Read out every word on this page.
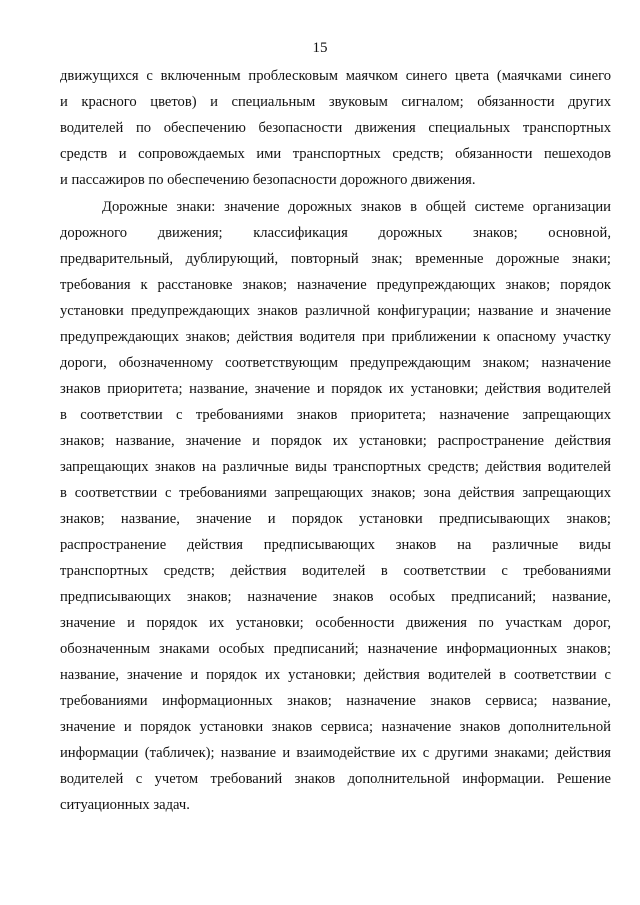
15
движущихся с включенным проблесковым маячком синего цвета (маячками синего
и красного цветов) и специальным звуковым сигналом; обязанности других
водителей по обеспечению безопасности движения специальных транспортных
средств и сопровождаемых ими транспортных средств; обязанности пешеходов
и пассажиров по обеспечению безопасности дорожного движения.
Дорожные знаки: значение дорожных знаков в общей системе организации
дорожного движения; классификация дорожных знаков; основной,
предварительный, дублирующий, повторный знак; временные дорожные знаки;
требования к расстановке знаков; назначение предупреждающих знаков; порядок
установки предупреждающих знаков различной конфигурации; название и значение
предупреждающих знаков; действия водителя при приближении к опасному участку
дороги, обозначенному соответствующим предупреждающим знаком; назначение
знаков приоритета; название, значение и порядок их установки; действия водителей
в соответствии с требованиями знаков приоритета; назначение запрещающих
знаков; название, значение и порядок их установки; распространение действия
запрещающих знаков на различные виды транспортных средств; действия водителей
в соответствии с требованиями запрещающих знаков; зона действия запрещающих
знаков; название, значение и порядок установки предписывающих знаков;
распространение действия предписывающих знаков на различные виды
транспортных средств; действия водителей в соответствии с требованиями
предписывающих знаков; назначение знаков особых предписаний; название,
значение и порядок их установки; особенности движения по участкам дорог,
обозначенным знаками особых предписаний; назначение информационных знаков;
название, значение и порядок их установки; действия водителей в соответствии с
требованиями информационных знаков; назначение знаков сервиса; название,
значение и порядок установки знаков сервиса; назначение знаков дополнительной
информации (табличек); название и взаимодействие их с другими знаками; действия
водителей с учетом требований знаков дополнительной информации. Решение
ситуационных задач.
